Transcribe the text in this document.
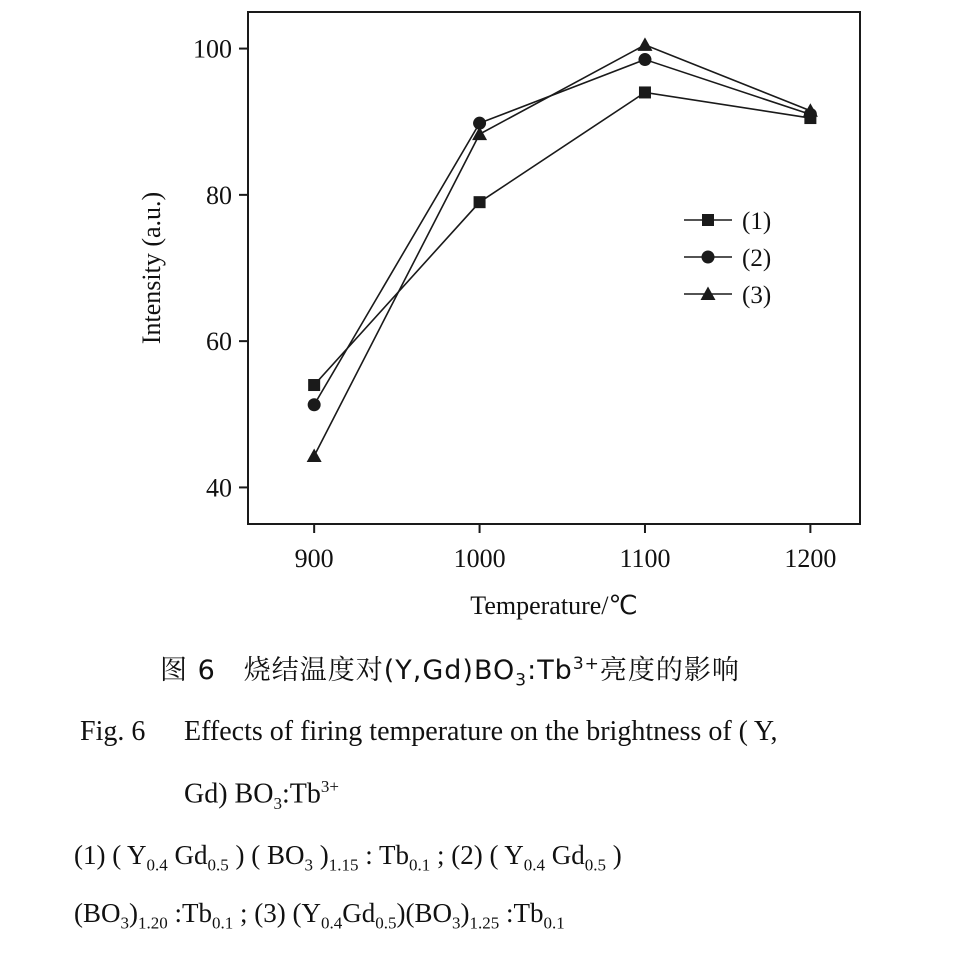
900	1000	1100	1200
40
60
80
100
(1)
(2)
(3)
Temperature/℃
Intensity (a.u.)
图 6　烧结温度对$(Y,Gd)BO_3:Tb^{3+}$亮度的影响
Fig. 6 Effects of firing temperature on the brightness of ( Y,
Gd) $BO_3:Tb^{3+}$
(1) ( $Y_{0.4}$ $Gd_{0.5}$ ) ( $BO_3$ )$_{1.15}$ : $Tb_{0.1}$ ; (2) ( $Y_{0.4}$ $Gd_{0.5}$ )
$(BO_3)_{1.20}$ $:Tb_{0.1}$ ; (3) $(Y_{0.4}Gd_{0.5})(BO_3)_{1.25}$ $:Tb_{0.1}$
